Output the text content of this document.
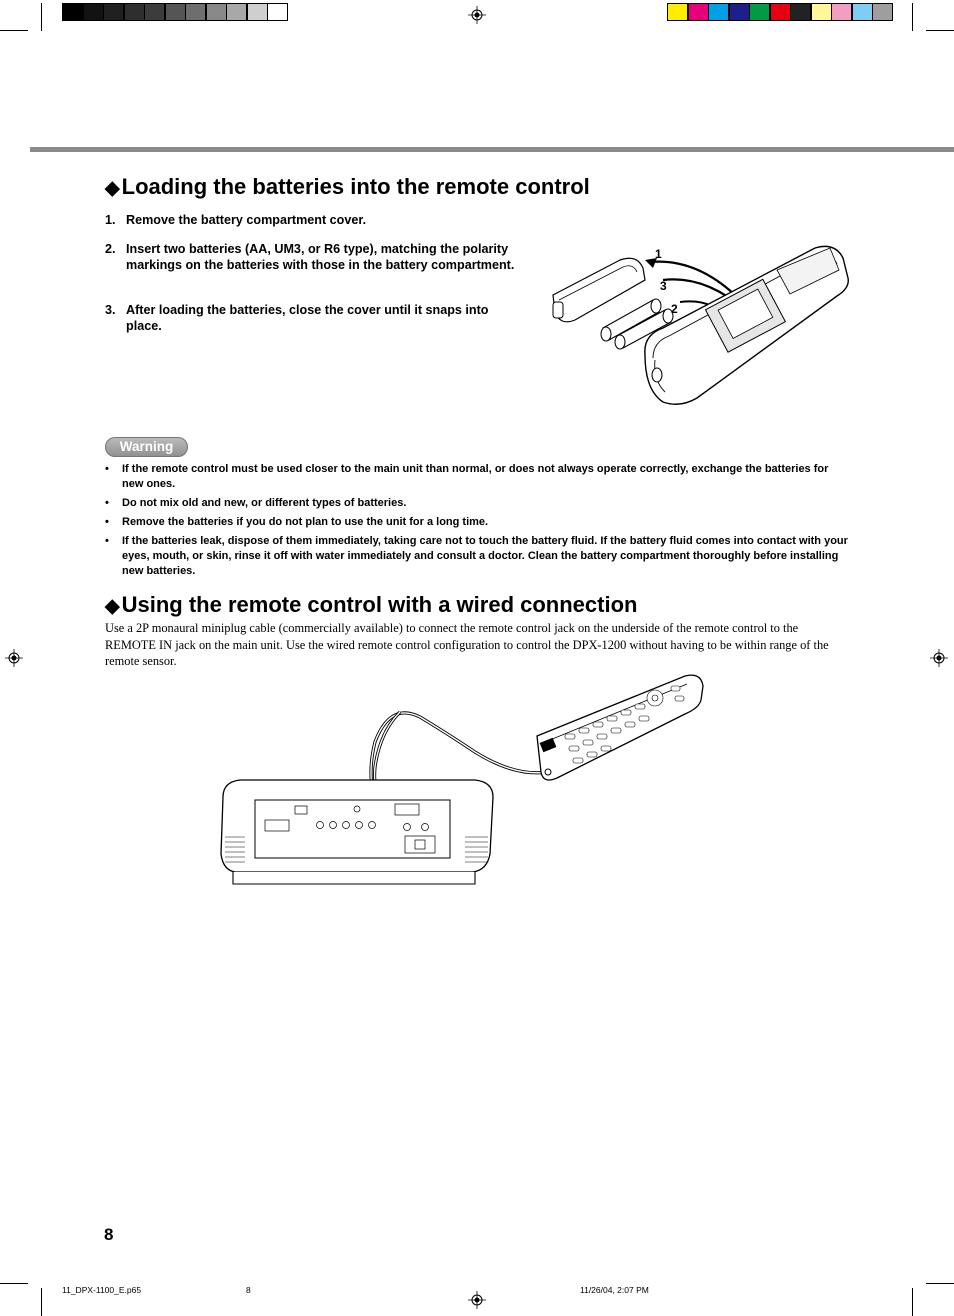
◆Loading the batteries into the remote control
1. Remove the battery compartment cover.
2. Insert two batteries (AA, UM3, or R6 type), matching the polarity markings on the batteries with those in the battery compartment.
3. After loading the batteries, close the cover until it snaps into place.
1
3
2
Warning
• If the remote control must be used closer to the main unit than normal, or does not always operate correctly, exchange the batteries for new ones.
• Do not mix old and new, or different types of batteries.
• Remove the batteries if you do not plan to use the unit for a long time.
• If the batteries leak, dispose of them immediately, taking care not to touch the battery fluid. If the battery fluid comes into contact with your eyes, mouth, or skin, rinse it off with water immediately and consult a doctor. Clean the battery compartment thoroughly before installing new batteries.
◆Using the remote control with a wired connection
Use a 2P monaural miniplug cable (commercially available) to connect the remote control jack on the underside of the remote control to the REMOTE IN jack on the main unit. Use the wired remote control configuration to control the DPX-1200 without having to be within range of the remote sensor.
8
11_DPX-1100_E.p65	8	11/26/04, 2:07 PM
